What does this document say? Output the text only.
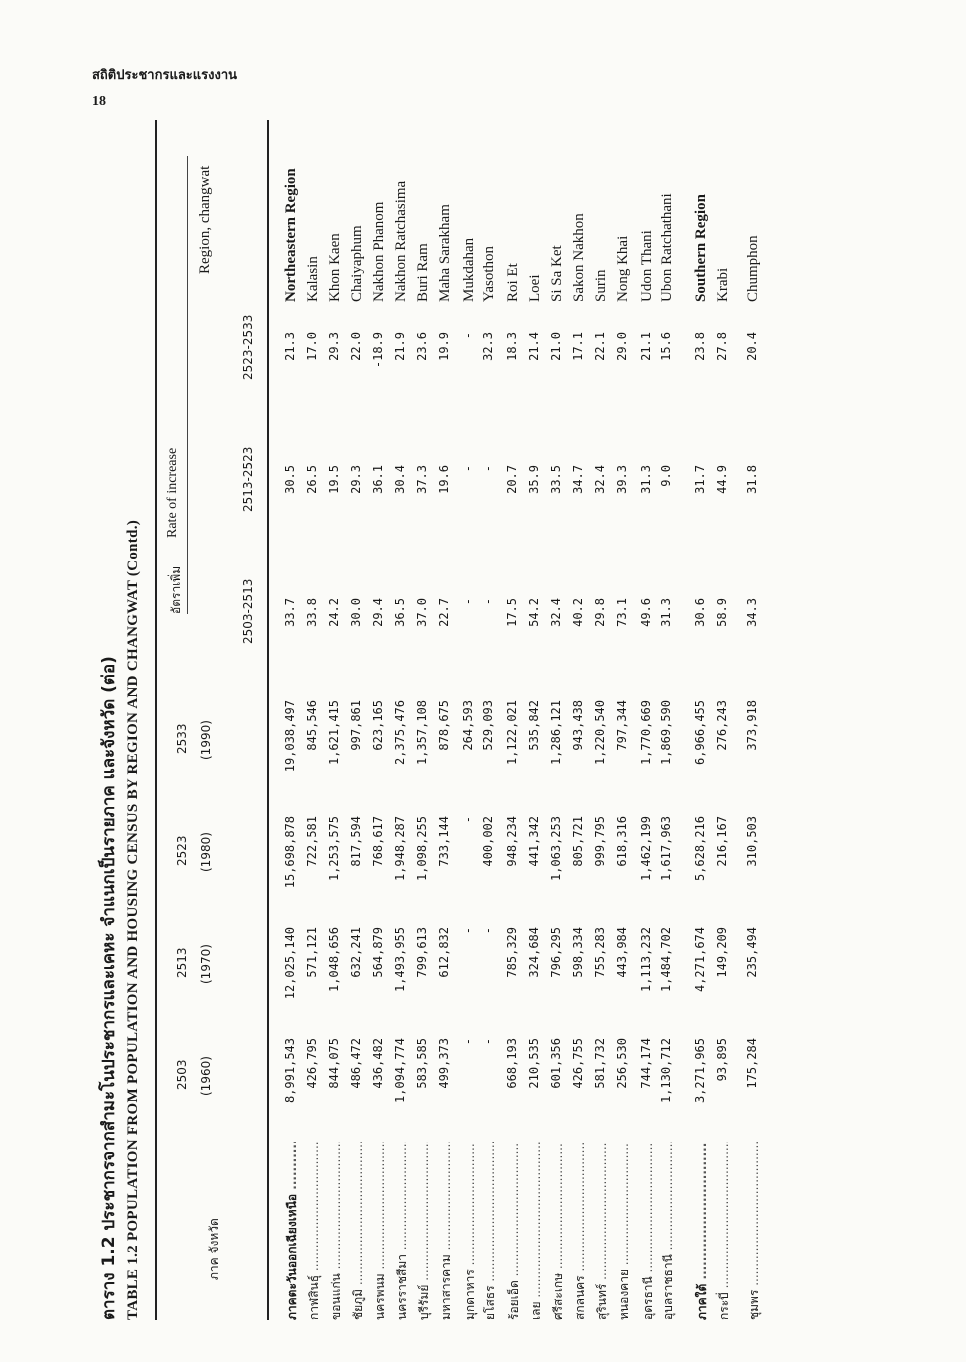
สถิติประชากรและแรงงาน
18
ตาราง 1.2 ประชากรจากสำมะโนประชากรและเคหะ จำแนกเป็นรายภาค และจังหวัด (ต่อ) TABLE 1.2 POPULATION FROM POPULATION AND HOUSING CENSUS BY REGION AND CHANGWAT (Contd.)	ภาค จังหวัด
2503 (1960)
2513 (1970)
2523 (1980)
2533 (1990)
อัตราเพิ่ม
Rate of increase
2503-2513
2513-2523
2523-2533
Region, changwat
ภาคตะวันออกเฉียงเหนือ .....
8,991,543
12,025,140
15,698,878
19,038,497
33.7
30.5
21.3
Northeastern Region
กาฬสินธุ์ .....
426,795
571,121
722,581
845,546
33.8
26.5
17.0
Kalasin
ขอนแก่น .....
844,075
1,048,656
1,253,575
1,621,415
24.2
19.5
29.3
Khon Kaen
ชัยภูมิ .....
486,472
632,241
817,594
997,861
30.0
29.3
22.0
Chaiyaphum
นครพนม .....
436,482
564,879
768,617
623,165
29.4
36.1
-18.9
Nakhon Phanom
นครราชสีมา .....
1,094,774
1,493,955
1,948,287
2,375,476
36.5
30.4
21.9
Nakhon Ratchasima
บุรีรัมย์ .....
583,585
799,613
1,098,255
1,357,108
37.0
37.3
23.6
Buri Ram
มหาสารคาม .....
499,373
612,832
733,144
878,675
22.7
19.6
19.9
Maha Sarakham
มุกดาหาร .....
-
-
-
264,593
-
-
-
Mukdahan
ยโสธร .....
-
-
400,002
529,093
-
-
32.3
Yasothon
ร้อยเอ็ด .....
668,193
785,329
948,234
1,122,021
17.5
20.7
18.3
Roi Et
เลย .....
210,535
324,684
441,342
535,842
54.2
35.9
21.4
Loei
ศรีสะเกษ .....
601,356
796,295
1,063,253
1,286,121
32.4
33.5
21.0
Si Sa Ket
สกลนคร .....
426,755
598,334
805,721
943,438
40.2
34.7
17.1
Sakon Nakhon
สุรินทร์ .....
581,732
755,283
999,795
1,220,540
29.8
32.4
22.1
Surin
หนองคาย .....
256,530
443,984
618,316
797,344
73.1
39.3
29.0
Nong Khai
อุดรธานี .....
744,174
1,113,232
1,462,199
1,770,669
49.6
31.3
21.1
Udon Thani
อุบลราชธานี .....
1,130,712
1,484,702
1,617,963
1,869,590
31.3
9.0
15.6
Ubon Ratchathani
ภาคใต้ .....
3,271,965
4,271,674
5,628,216
6,966,455
30.6
31.7
23.8
Southern Region
กระบี่ .....
93,895
149,209
216,167
276,243
58.9
44.9
27.8
Krabi
ชุมพร .....
175,284
235,494
310,503
373,918
34.3
31.8
20.4
Chumphon
